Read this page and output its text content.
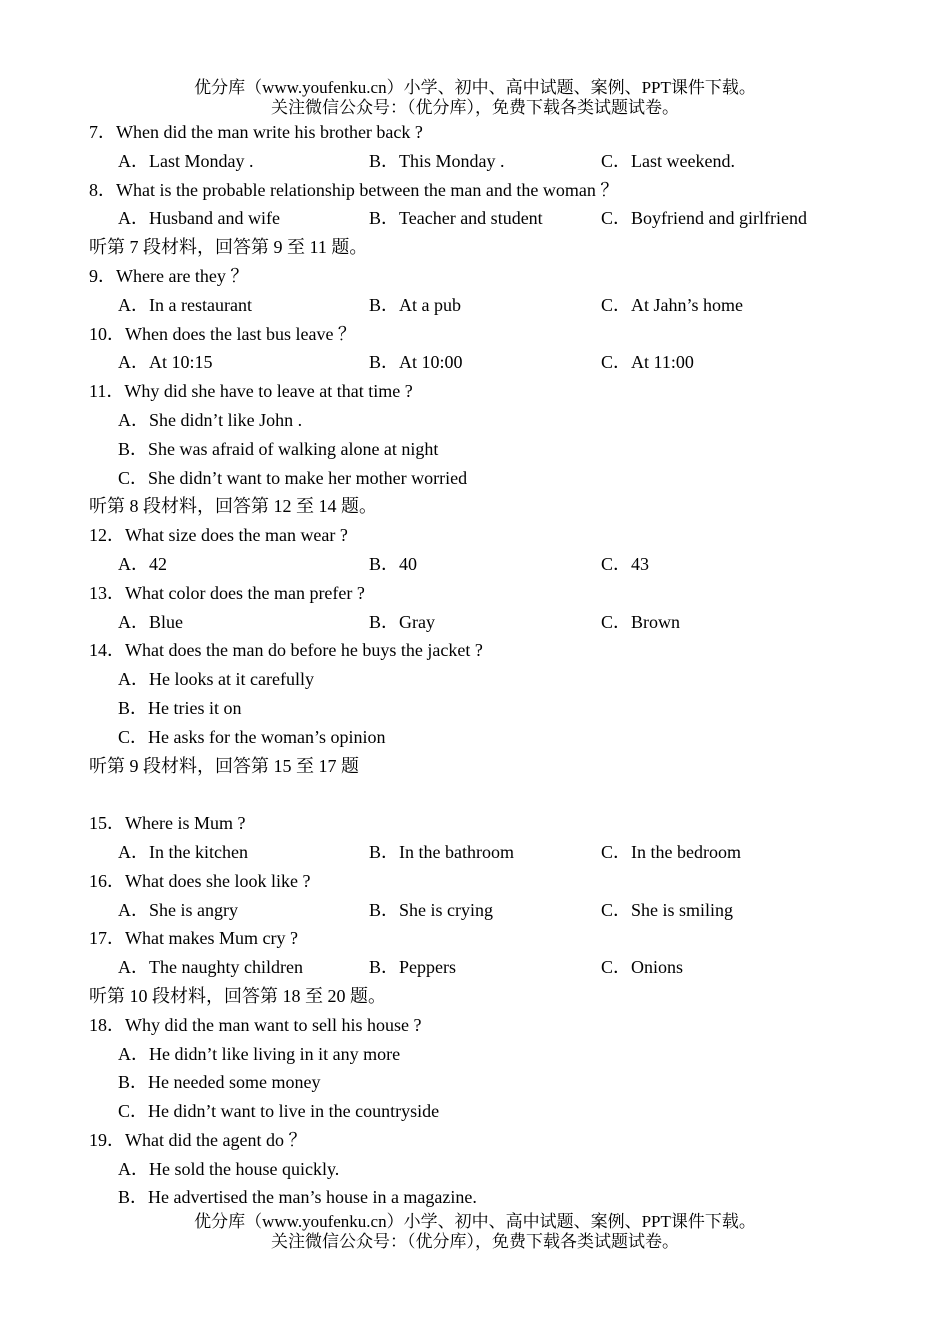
优分库（www.youfenku.cn）小学、初中、高中试题、案例、PPT课件下载。
关注微信公众号：（优分库），免费下载各类试题试卷。
7．When did the man write his brother back ?
A．Last Monday .	B．This Monday .	C．Last weekend.
8．What is the probable relationship between the man and the woman ？
A．Husband and wife	B．Teacher and student	C．Boyfriend and girlfriend
听第 7 段材料，回答第 9 至 11 题。
9．Where are they ？
A．In a restaurant	B．At a pub	C．At Jahn’s home
10．When does the last bus leave ？
A．At 10:15	B．At 10:00	C．At 11:00
11．Why did she have to leave at that time ?
A．She didn’t like John .
B．She was afraid of walking alone at night
C．She didn’t want to make her mother worried
听第 8 段材料，回答第 12 至 14 题。
12．What size does the man wear ?
A．42	B．40	C．43
13．What color does the man prefer ?
A．Blue	B．Gray	C．Brown
14．What does the man do before he buys the jacket ?
A．He looks at it carefully
B．He tries it on
C．He asks for the woman’s opinion
听第 9 段材料，回答第 15 至 17 题
15．Where is Mum ?
A．In the kitchen	B．In the bathroom	C．In the bedroom
16．What does she look like ?
A．She is angry	B．She is crying	C．She is smiling
17．What makes Mum cry ?
A．The naughty children	B．Peppers	C．Onions
听第 10 段材料，回答第 18 至 20 题。
18．Why did the man want to sell his house ?
A．He didn’t like living in it any more
B．He needed some money
C．He didn’t want to live in the countryside
19．What did the agent do ？
A．He sold the house quickly.
B．He advertised the man’s house in a magazine.
优分库（www.youfenku.cn）小学、初中、高中试题、案例、PPT课件下载。
关注微信公众号：（优分库），免费下载各类试题试卷。
